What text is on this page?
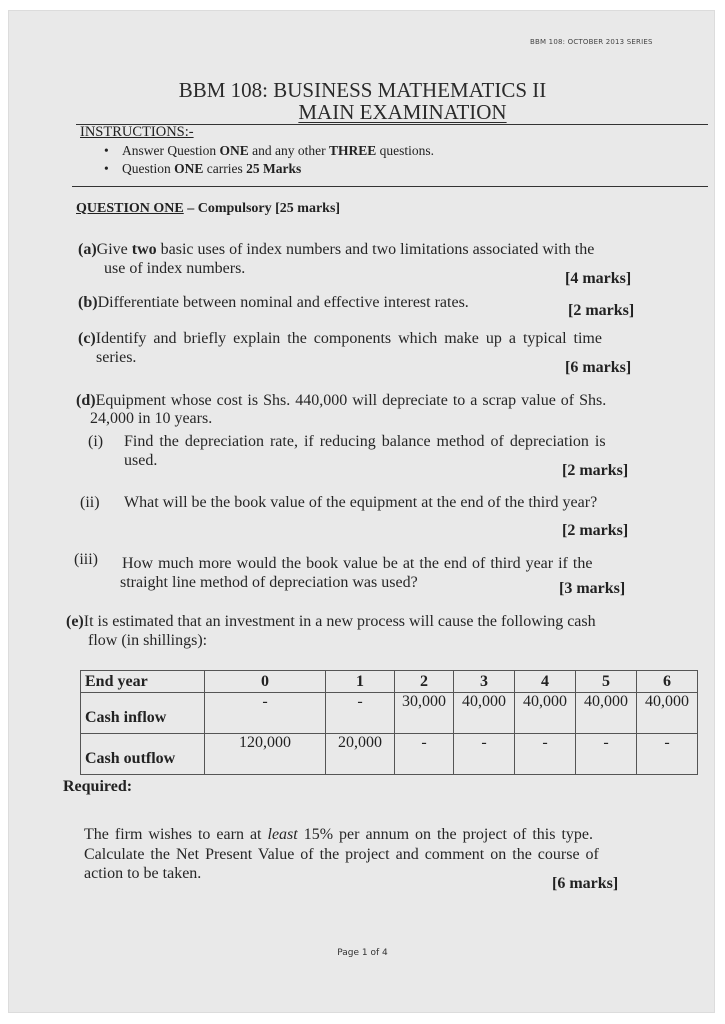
BBM 108: OCTOBER 2013 SERIES
BBM 108: BUSINESS MATHEMATICS II
MAIN EXAMINATION
INSTRUCTIONS:-
• Answer Question ONE and any other THREE questions.
• Question ONE carries 25 Marks
QUESTION ONE – Compulsory [25 marks]
(a)Give two basic uses of index numbers and two limitations associated with the
use of index numbers.
[4 marks]
(b)Differentiate between nominal and effective interest rates.	[2 marks]
(c)Identify and briefly explain the components which make up a typical time
series.
[6 marks]
(d)Equipment whose cost is Shs. 440,000 will depreciate to a scrap value of Shs.
24,000 in 10 years.
(i) Find the depreciation rate, if reducing balance method of depreciation is
used.
[2 marks]
(ii) What will be the book value of the equipment at the end of the third year?
[2 marks]
(iii) How much more would the book value be at the end of third year if the
straight line method of depreciation was used?	[3 marks]
(e)It is estimated that an investment in a new process will cause the following cash
flow (in shillings):
End year	0	1	2	3	4	5	6
Cash inflow	-	-	30,000	40,000	40,000	40,000	40,000
Cash outflow	120,000	20,000	-	-	-	-	-
Required:
The firm wishes to earn at least 15% per annum on the project of this type.
Calculate the Net Present Value of the project and comment on the course of
action to be taken.
[6 marks]
Page 1 of 4
